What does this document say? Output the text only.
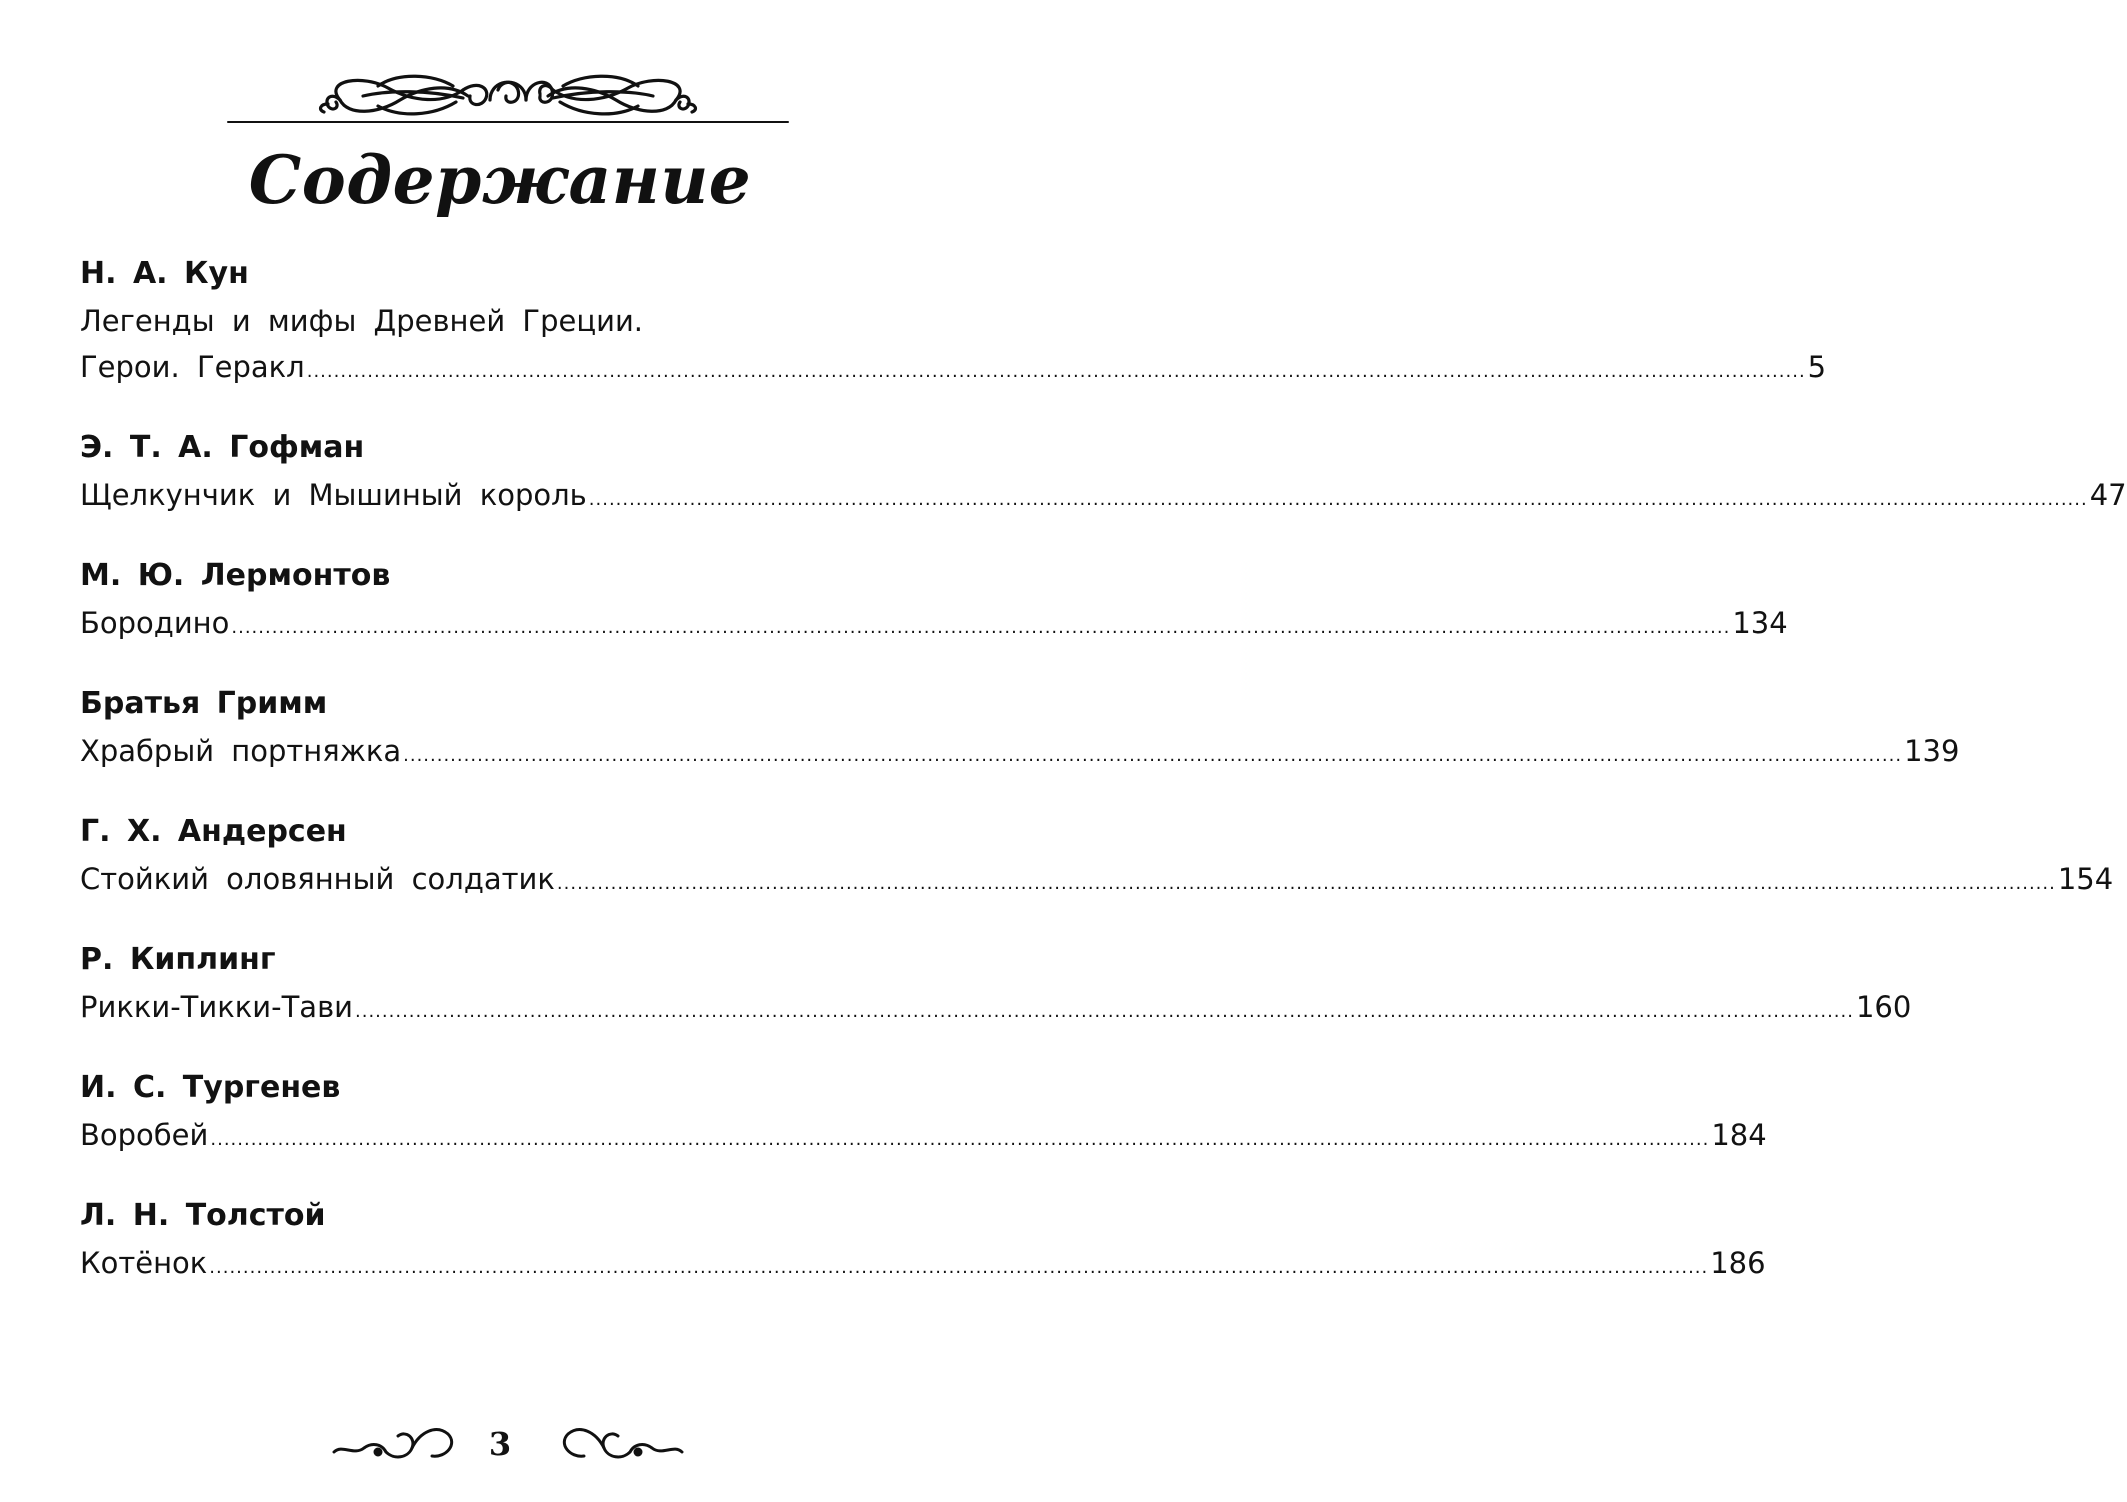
Содержание
Н. А. Кун
Легенды и мифы Древней Греции.
Герои. Геракл ............................................................................................................................................................................................................................... 5
Э. Т. А. Гофман
Щелкунчик и Мышиный король ............................................................................................................................................................................................................................... 47
М. Ю. Лермонтов
Бородино ............................................................................................................................................................................................................................... 134
Братья Гримм
Храбрый портняжка ............................................................................................................................................................................................................................... 139
Г. Х. Андерсен
Стойкий оловянный солдатик ............................................................................................................................................................................................................................... 154
Р. Киплинг
Рикки-Тикки-Тави ............................................................................................................................................................................................................................... 160
И. С. Тургенев
Воробей ............................................................................................................................................................................................................................... 184
Л. Н. Толстой
Котёнок ............................................................................................................................................................................................................................... 186
3
